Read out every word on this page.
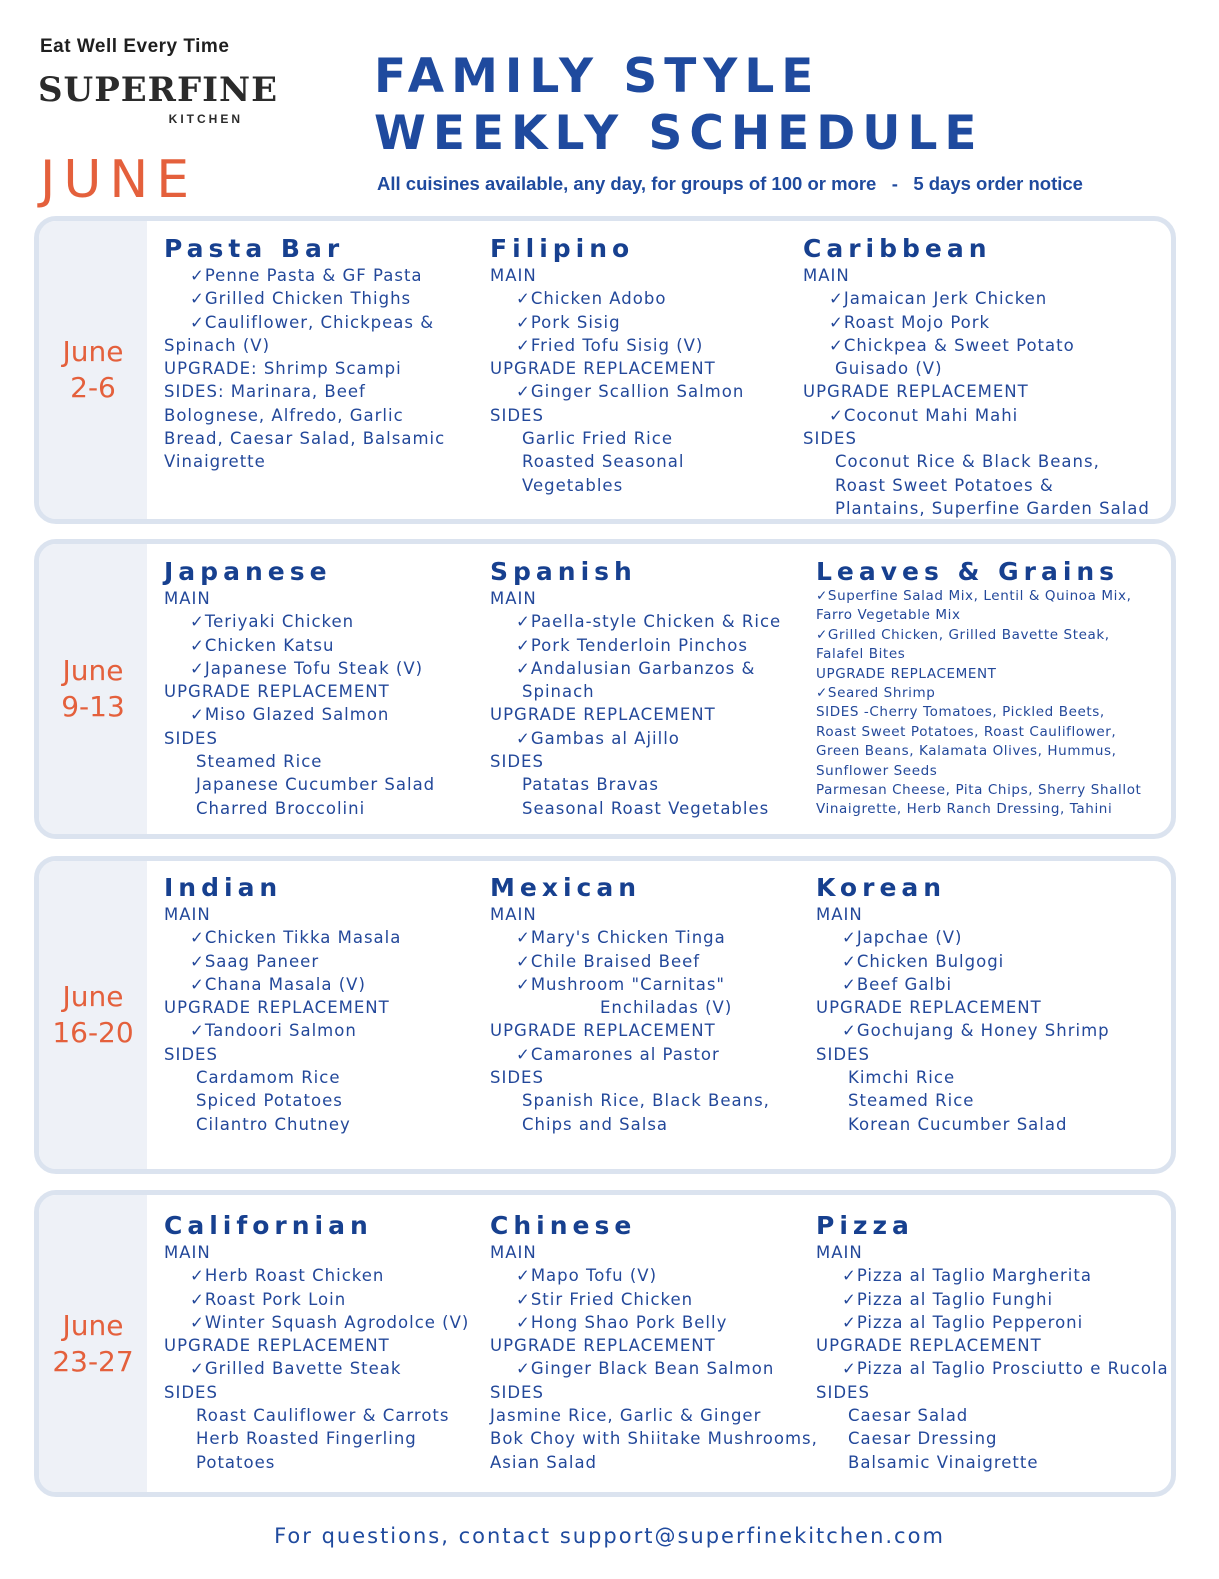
Eat Well Every Time
SUPERFINE
KITCHEN
JUNE
FAMILY STYLE
WEEKLY SCHEDULE
All cuisines available, any day, for groups of 100 or more   -   5 days order notice
June
2-6
June
9-13
June
16-20
June
23-27
For questions, contact support@superfinekitchen.com
Pasta Bar
✓Penne Pasta & GF Pasta
✓Grilled Chicken Thighs
✓Cauliflower, Chickpeas &
Spinach (V)
UPGRADE: Shrimp Scampi
SIDES: Marinara, Beef
Bolognese, Alfredo, Garlic
Bread, Caesar Salad, Balsamic
Vinaigrette
Filipino
MAIN
✓Chicken Adobo
✓Pork Sisig
✓Fried Tofu Sisig (V)
UPGRADE REPLACEMENT
✓Ginger Scallion Salmon
SIDES
Garlic Fried Rice
Roasted Seasonal
Vegetables
Caribbean
MAIN
✓Jamaican Jerk Chicken
✓Roast Mojo Pork
✓Chickpea & Sweet Potato
Guisado (V)
UPGRADE REPLACEMENT
✓Coconut Mahi Mahi
SIDES
Coconut Rice & Black Beans,
Roast Sweet Potatoes &
Plantains, Superfine Garden Salad
Japanese
MAIN
✓Teriyaki Chicken
✓Chicken Katsu
✓Japanese Tofu Steak (V)
UPGRADE REPLACEMENT
✓Miso Glazed Salmon
SIDES
Steamed Rice
Japanese Cucumber Salad
Charred Broccolini
Spanish
MAIN
✓Paella-style Chicken & Rice
✓Pork Tenderloin Pinchos
✓Andalusian Garbanzos &
Spinach
UPGRADE REPLACEMENT
✓Gambas al Ajillo
SIDES
Patatas Bravas
Seasonal Roast Vegetables
Leaves & Grains
✓Superfine Salad Mix, Lentil & Quinoa Mix,
Farro Vegetable Mix
✓Grilled Chicken, Grilled Bavette Steak,
Falafel Bites
UPGRADE REPLACEMENT
✓Seared Shrimp
SIDES -Cherry Tomatoes, Pickled Beets,
Roast Sweet Potatoes, Roast Cauliflower,
Green Beans, Kalamata Olives, Hummus,
Sunflower Seeds
Parmesan Cheese, Pita Chips, Sherry Shallot
Vinaigrette, Herb Ranch Dressing, Tahini
Indian
MAIN
✓Chicken Tikka Masala
✓Saag Paneer
✓Chana Masala (V)
UPGRADE REPLACEMENT
✓Tandoori Salmon
SIDES
Cardamom Rice
Spiced Potatoes
Cilantro Chutney
Mexican
MAIN
✓Mary's Chicken Tinga
✓Chile Braised Beef
✓Mushroom "Carnitas"
Enchiladas (V)
UPGRADE REPLACEMENT
✓Camarones al Pastor
SIDES
Spanish Rice, Black Beans,
Chips and Salsa
Korean
MAIN
✓Japchae (V)
✓Chicken Bulgogi
✓Beef Galbi
UPGRADE REPLACEMENT
✓Gochujang & Honey Shrimp
SIDES
Kimchi Rice
Steamed Rice
Korean Cucumber Salad
Californian
MAIN
✓Herb Roast Chicken
✓Roast Pork Loin
✓Winter Squash Agrodolce (V)
UPGRADE REPLACEMENT
✓Grilled Bavette Steak
SIDES
Roast Cauliflower & Carrots
Herb Roasted Fingerling
Potatoes
Chinese
MAIN
✓Mapo Tofu (V)
✓Stir Fried Chicken
✓Hong Shao Pork Belly
UPGRADE REPLACEMENT
✓Ginger Black Bean Salmon
SIDES
Jasmine Rice, Garlic & Ginger
Bok Choy with Shiitake Mushrooms,
Asian Salad
Pizza
MAIN
✓Pizza al Taglio Margherita
✓Pizza al Taglio Funghi
✓Pizza al Taglio Pepperoni
UPGRADE REPLACEMENT
✓Pizza al Taglio Prosciutto e Rucola
SIDES
Caesar Salad
Caesar Dressing
Balsamic Vinaigrette
